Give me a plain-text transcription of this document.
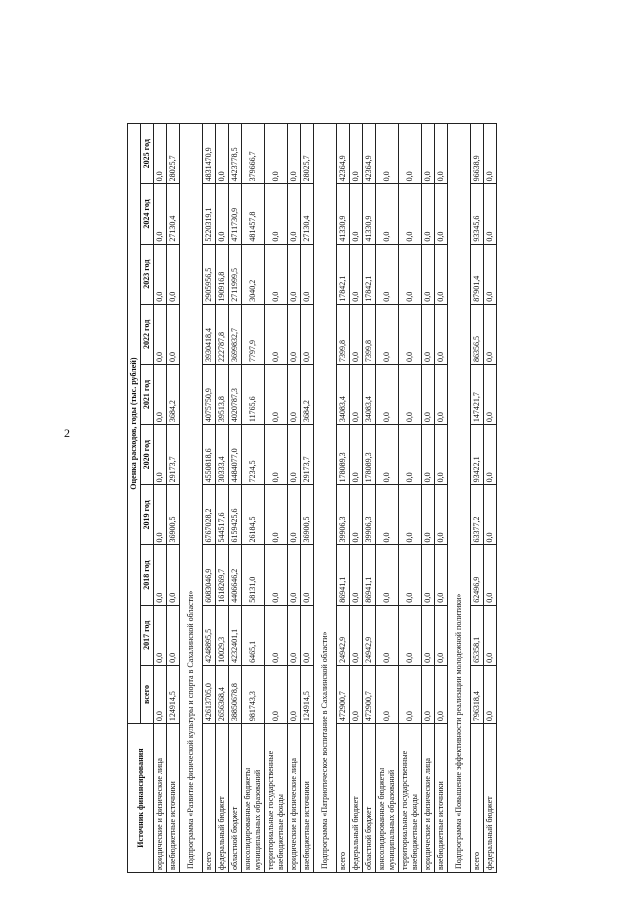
2
Источник финансирования	Оценка расходов, годы (тыс. рублей)									
	всего	2017 год	2018 год	2019 год	2020 год	2021 год	2022 год	2023 год	2024 год	2025 год
юридические и физические лица	0,0	0,0	0,0	0,0	0,0	0,0	0,0	0,0	0,0	0,0
внебюджетные источники	124914,5	0,0	0,0	36900,5	29173,7	3684,2	0,0	0,0	27130,4	28025,7
Подпрограмма «Развитие физической культуры и спорта в Сахалинской области»										
всего	42613705,0	4248895,5	6083046,9	6767028,2	4550818,6	4075750,9	3930418,4	2905956,5	5220319,1	4831470,9
федеральный бюджет	2656368,4	10029,3	1618269,7	544517,6	30333,4	39513,8	222787,8	190916,8	0,0	0,0
областной бюджет	38850678,8	4232401,1	4406646,2	6159425,6	4484077,0	4020787,3	3699832,7	2711999,5	4711730,9	4423778,5
консолидированные бюджеты муниципальных образований	981743,3	6465,1	58131,0	26184,5	7234,5	11765,6	7797,9	3040,2	481457,8	379666,7
территориальные государственные внебюджетные фонды	0,0	0,0	0,0	0,0	0,0	0,0	0,0	0,0	0,0	0,0
юридические и физические лица	0,0	0,0	0,0	0,0	0,0	0,0	0,0	0,0	0,0	0,0
внебюджетные источники	124914,5	0,0	0,0	36900,5	29173,7	3684,2	0,0	0,0	27130,4	28025,7
Подпрограмма «Патриотическое воспитание в Сахалинской области»										
всего	472900,7	24942,9	86941,1	39906,3	178089,3	34083,4	7399,8	17842,1	41330,9	42364,9
федеральный бюджет	0,0	0,0	0,0	0,0	0,0	0,0	0,0	0,0	0,0	0,0
областной бюджет	472900,7	24942,9	86941,1	39906,3	178089,3	34083,4	7399,8	17842,1	41330,9	42364,9
консолидированные бюджеты муниципальных образований	0,0	0,0	0,0	0,0	0,0	0,0	0,0	0,0	0,0	0,0
территориальные государственные внебюджетные фонды	0,0	0,0	0,0	0,0	0,0	0,0	0,0	0,0	0,0	0,0
юридические и физические лица	0,0	0,0	0,0	0,0	0,0	0,0	0,0	0,0	0,0	0,0
внебюджетные источники	0,0	0,0	0,0	0,0	0,0	0,0	0,0	0,0	0,0	0,0
Подпрограмма «Повышение эффективности реализации молодежной политики»										
всего	796318,4	65358,1	62496,9	63377,2	93422,1	147421,7	86356,5	87901,4	93345,6	96638,9
федеральный бюджет	0,0	0,0	0,0	0,0	0,0	0,0	0,0	0,0	0,0	0,0
